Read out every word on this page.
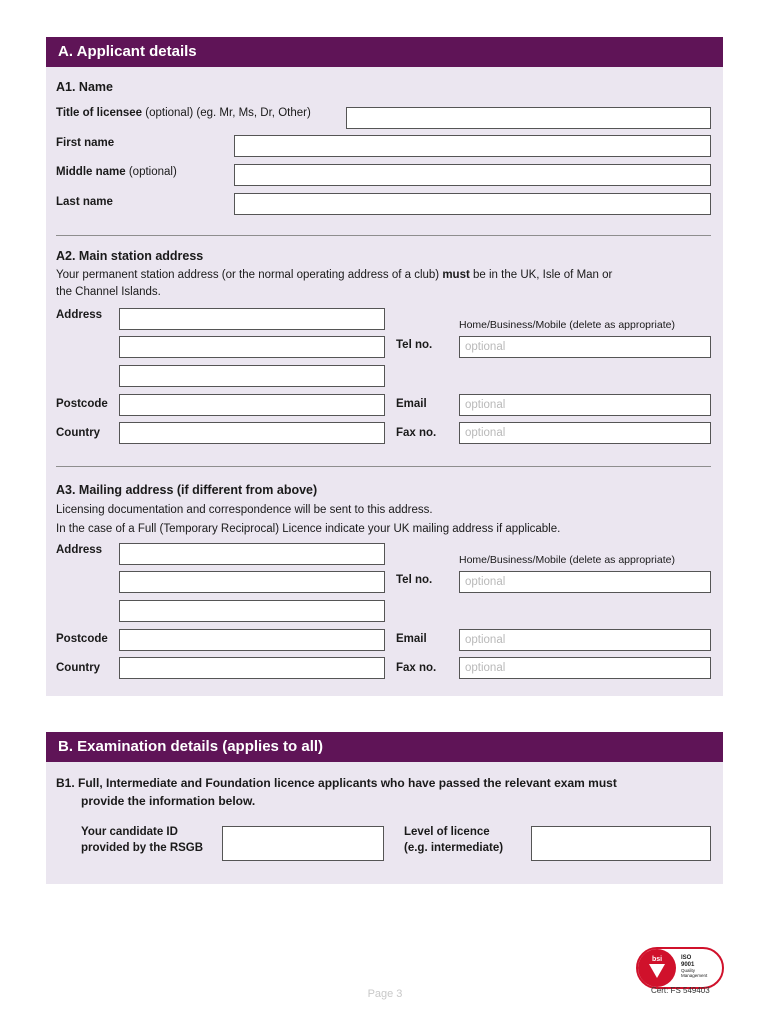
A. Applicant details
A1. Name
Title of licensee (optional) (eg. Mr, Ms, Dr, Other)
First name
Middle name (optional)
Last name
A2. Main station address
Your permanent station address (or the normal operating address of a club) must be in the UK, Isle of Man or
the Channel Islands.
Address
Home/Business/Mobile (delete as appropriate)
Tel no.
optional
Postcode	Email
optional
Country	Fax no.
optional
A3. Mailing address (if different from above)
Licensing documentation and correspondence will be sent to this address.
In the case of a Full (Temporary Reciprocal) Licence indicate your UK mailing address if applicable.
Address
Home/Business/Mobile (delete as appropriate)
Tel no.
optional
Postcode	Email
optional
Country	Fax no.
optional
B. Examination details (applies to all)
B1. Full, Intermediate and Foundation licence applicants who have passed the relevant exam must
provide the information below.
Your candidate ID
provided by the RSGB
Level of licence
(e.g. intermediate)
bsi	ISO
9001
Quality
Management
Cert: FS 549403
Page 3
